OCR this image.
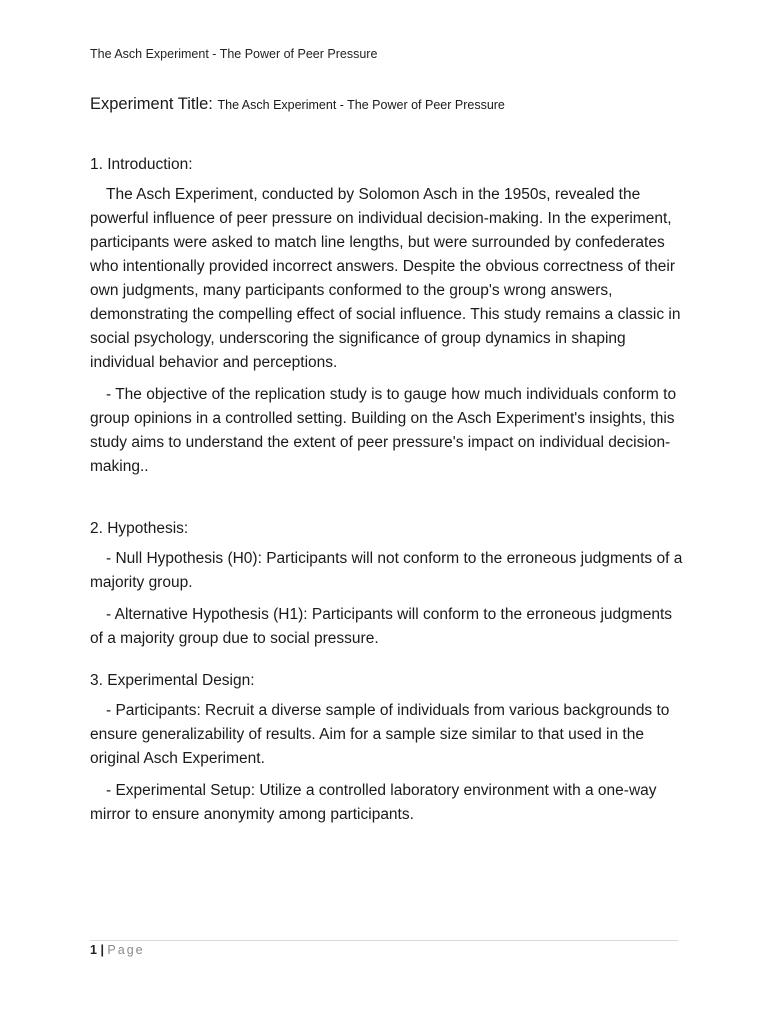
The Asch Experiment - The Power of Peer Pressure
Experiment Title: The Asch Experiment - The Power of Peer Pressure
1. Introduction:

The Asch Experiment, conducted by Solomon Asch in the 1950s, revealed the powerful influence of peer pressure on individual decision-making. In the experiment, participants were asked to match line lengths, but were surrounded by confederates who intentionally provided incorrect answers. Despite the obvious correctness of their own judgments, many participants conformed to the group's wrong answers, demonstrating the compelling effect of social influence. This study remains a classic in social psychology, underscoring the significance of group dynamics in shaping individual behavior and perceptions.

- The objective of the replication study is to gauge how much individuals conform to group opinions in a controlled setting. Building on the Asch Experiment's insights, this study aims to understand the extent of peer pressure's impact on individual decision-making..

2. Hypothesis:

- Null Hypothesis (H0): Participants will not conform to the erroneous judgments of a majority group.

- Alternative Hypothesis (H1): Participants will conform to the erroneous judgments of a majority group due to social pressure.

3. Experimental Design:

- Participants: Recruit a diverse sample of individuals from various backgrounds to ensure generalizability of results. Aim for a sample size similar to that used in the original Asch Experiment.

- Experimental Setup: Utilize a controlled laboratory environment with a one-way mirror to ensure anonymity among participants.

1 | Page
